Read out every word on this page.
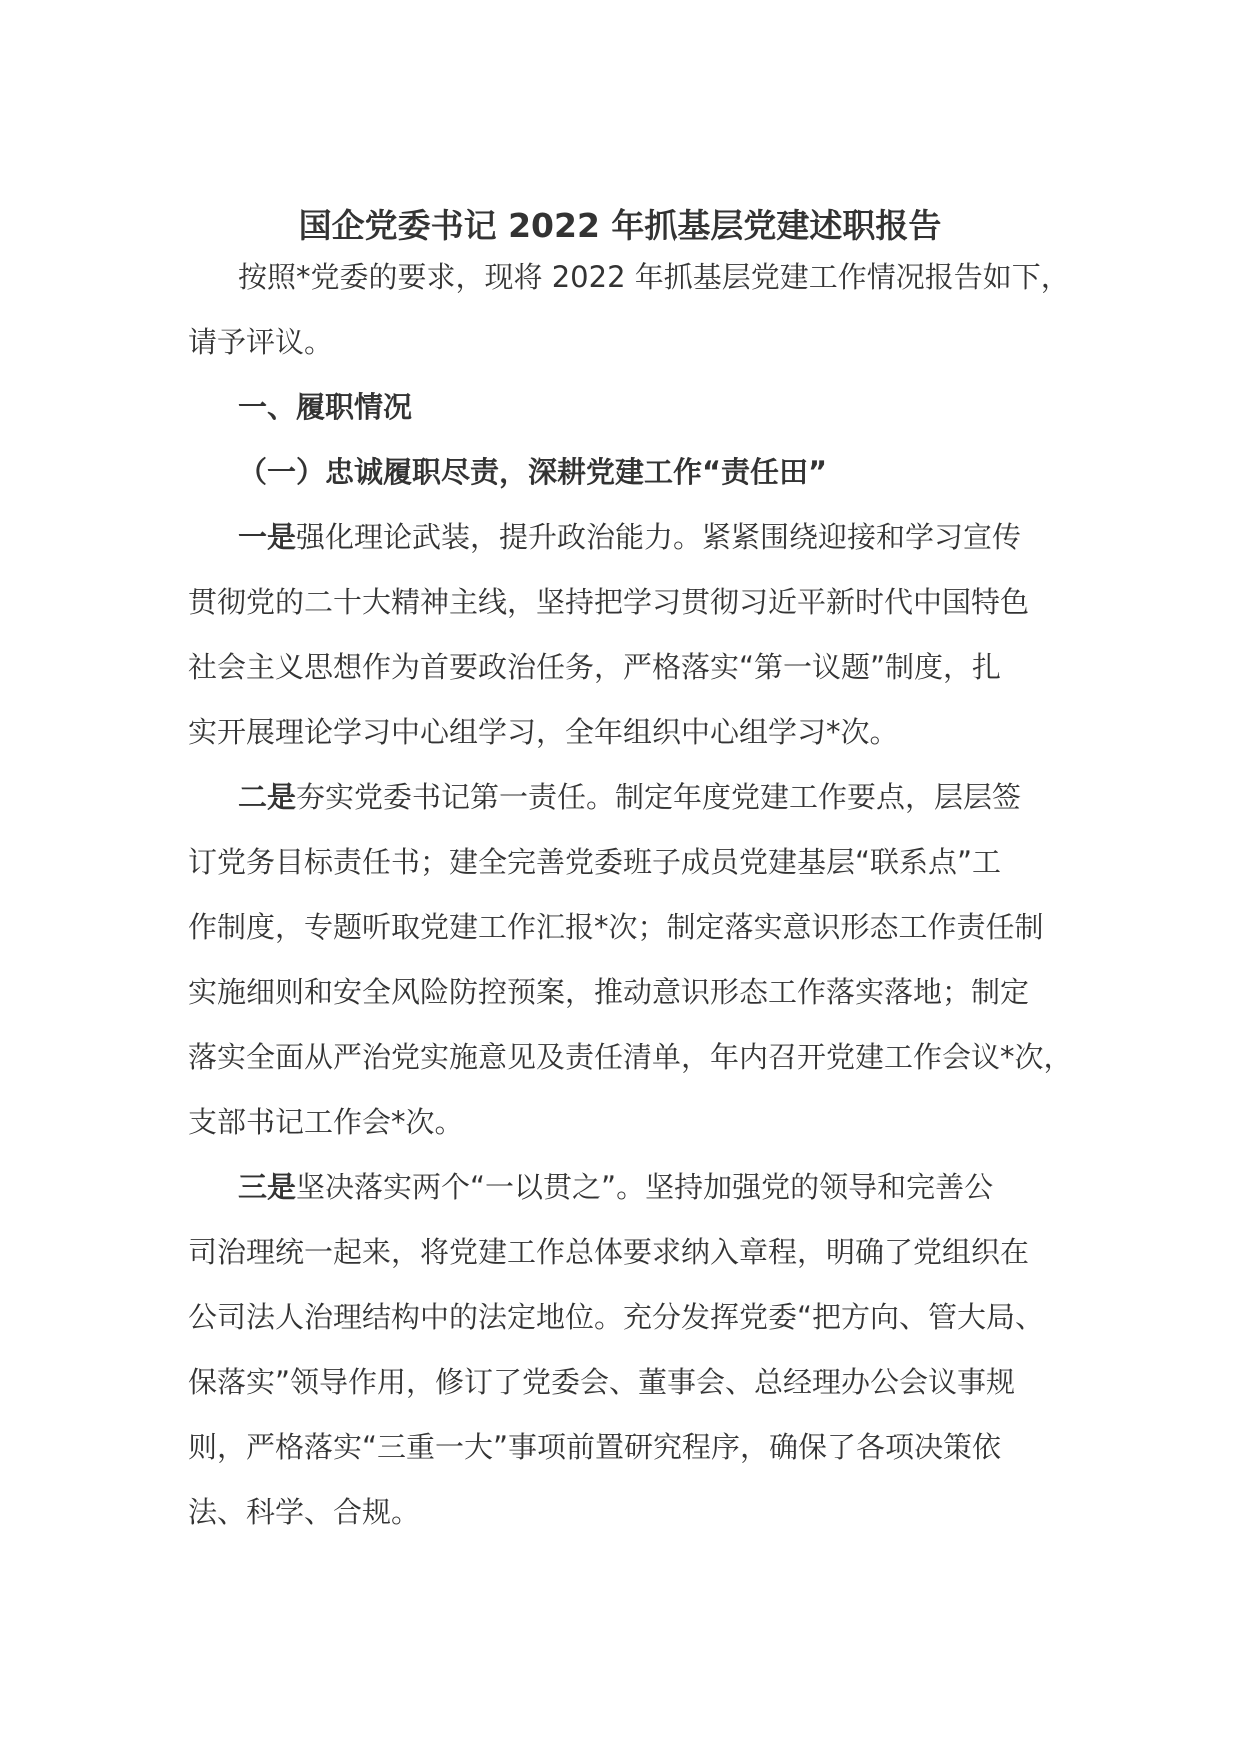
国企党委书记 2022 年抓基层党建述职报告
按照*党委的要求，现将 2022 年抓基层党建工作情况报告如下，
请予评议。
一、履职情况
（一）忠诚履职尽责，深耕党建工作“责任田”
一是强化理论武装，提升政治能力。紧紧围绕迎接和学习宣传
贯彻党的二十大精神主线，坚持把学习贯彻习近平新时代中国特色
社会主义思想作为首要政治任务，严格落实“第一议题”制度，扎
实开展理论学习中心组学习，全年组织中心组学习*次。
二是夯实党委书记第一责任。制定年度党建工作要点，层层签
订党务目标责任书；建全完善党委班子成员党建基层“联系点”工
作制度，专题听取党建工作汇报*次；制定落实意识形态工作责任制
实施细则和安全风险防控预案，推动意识形态工作落实落地；制定
落实全面从严治党实施意见及责任清单，年内召开党建工作会议*次，
支部书记工作会*次。
三是坚决落实两个“一以贯之”。坚持加强党的领导和完善公
司治理统一起来，将党建工作总体要求纳入章程，明确了党组织在
公司法人治理结构中的法定地位。充分发挥党委“把方向、管大局、
保落实”领导作用，修订了党委会、董事会、总经理办公会议事规
则，严格落实“三重一大”事项前置研究程序，确保了各项决策依
法、科学、合规。
